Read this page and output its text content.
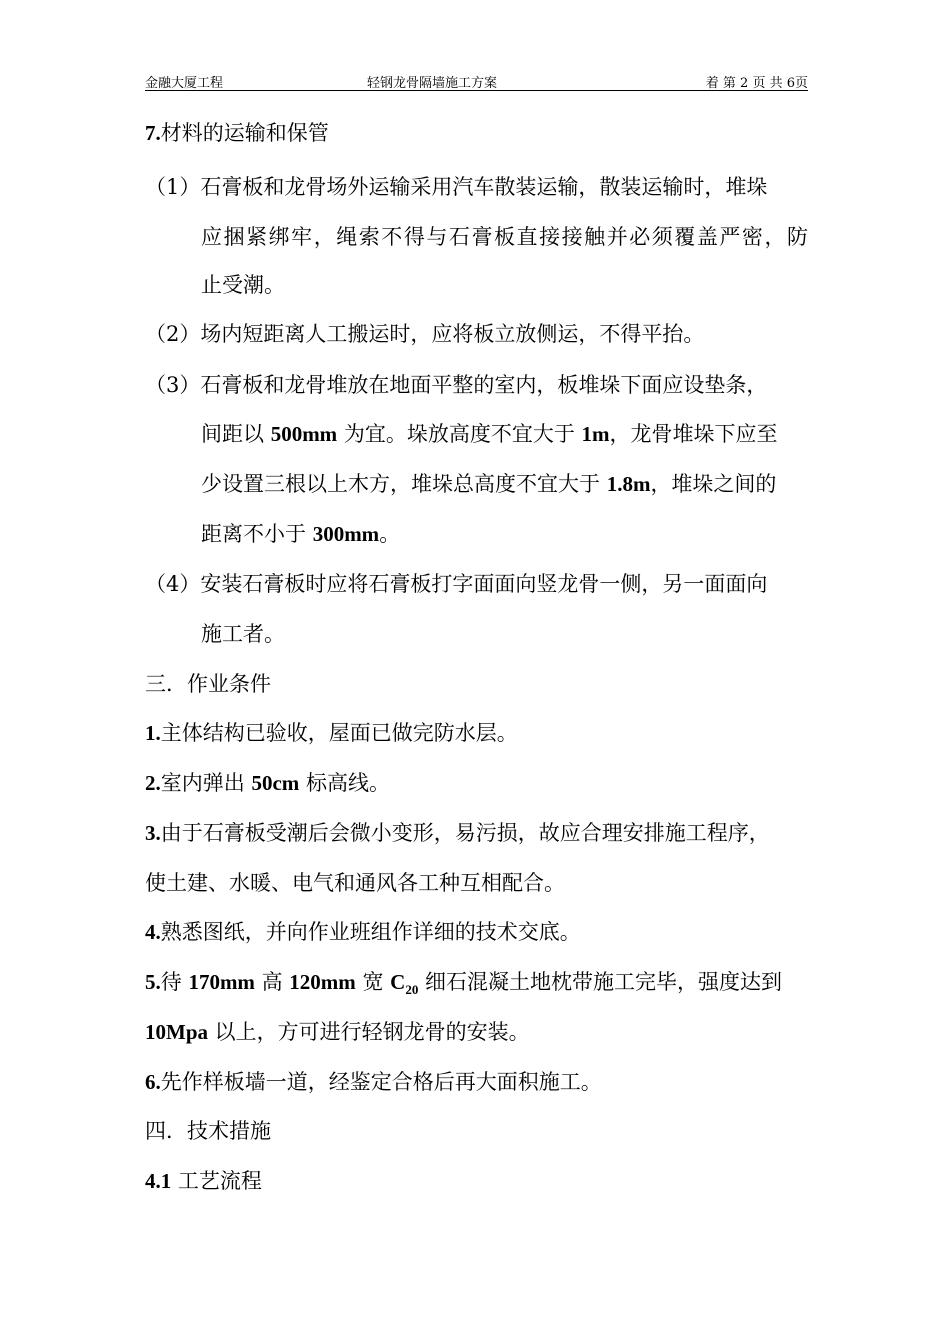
金融大厦工程	轻钢龙骨隔墙施工方案	着 第 2 页 共 6页
7.材料的运输和保管
（1）石膏板和龙骨场外运输采用汽车散装运输，散装运输时，堆垛
应捆紧绑牢，绳索不得与石膏板直接接触并必须覆盖严密，防
止受潮。
（2）场内短距离人工搬运时，应将板立放侧运，不得平抬。
（3）石膏板和龙骨堆放在地面平整的室内，板堆垛下面应设垫条，
间距以 500mm 为宜。垛放高度不宜大于 1m，龙骨堆垛下应至
少设置三根以上木方，堆垛总高度不宜大于 1.8m，堆垛之间的
距离不小于 300mm。
（4）安装石膏板时应将石膏板打字面面向竖龙骨一侧，另一面面向
施工者。
三．作业条件
1.主体结构已验收，屋面已做完防水层。
2.室内弹出 50cm 标高线。
3.由于石膏板受潮后会微小变形，易污损，故应合理安排施工程序，
使土建、水暖、电气和通风各工种互相配合。
4.熟悉图纸，并向作业班组作详细的技术交底。
5.待 170mm 高 120mm 宽 $C_{20}$ 细石混凝土地枕带施工完毕，强度达到
10Mpa 以上，方可进行轻钢龙骨的安装。
6.先作样板墙一道，经鉴定合格后再大面积施工。
四．技术措施
4.1 工艺流程
